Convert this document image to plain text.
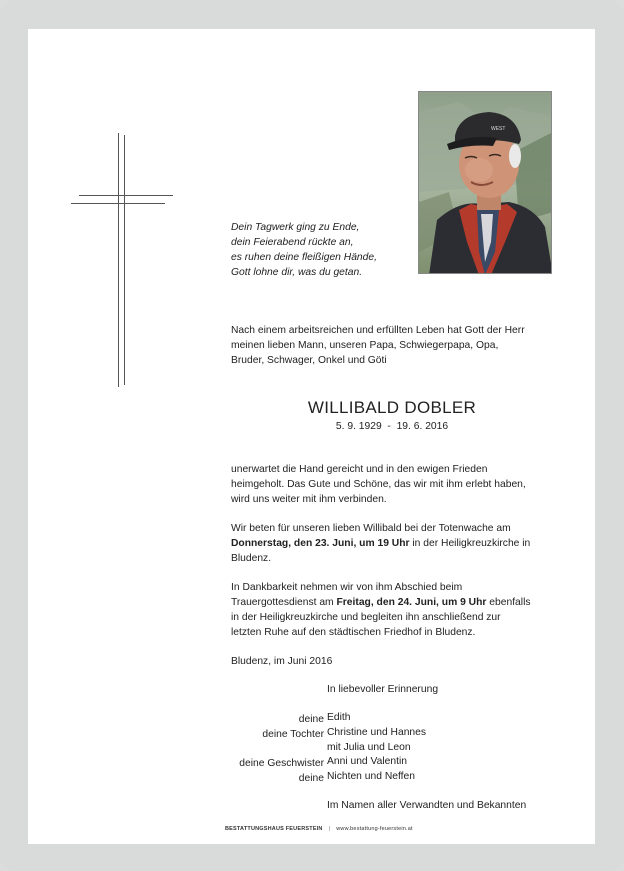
WEST
Dein Tagwerk ging zu Ende,
dein Feierabend rückte an,
es ruhen deine fleißigen Hände,
Gott lohne dir, was du getan.
Nach einem arbeitsreichen und erfüllten Leben hat Gott der Herr
meinen lieben Mann, unseren Papa, Schwiegerpapa, Opa,
Bruder, Schwager, Onkel und Göti
WILLIBALD DOBLER
5. 9. 1929  -  19. 6. 2016
unerwartet die Hand gereicht und in den ewigen Frieden
heimgeholt. Das Gute und Schöne, das wir mit ihm erlebt haben,
wird uns weiter mit ihm verbinden.
Wir beten für unseren lieben Willibald bei der Totenwache am
Donnerstag, den 23. Juni, um 19 Uhr in der Heiligkreuzkirche in
Bludenz.
In Dankbarkeit nehmen wir von ihm Abschied beim
Trauergottesdienst am Freitag, den 24. Juni, um 9 Uhr ebenfalls
in der Heiligkreuzkirche und begleiten ihn anschließend zur
letzten Ruhe auf den städtischen Friedhof in Bludenz.
Bludenz, im Juni 2016
In liebevoller Erinnerung
deine Edith
deine Tochter Christine und Hannes
mit Julia und Leon
deine Geschwister Anni und Valentin
deine Nichten und Neffen
Im Namen aller Verwandten und Bekannten
BESTATTUNGSHAUS FEUERSTEIN | www.bestattung-feuerstein.at
